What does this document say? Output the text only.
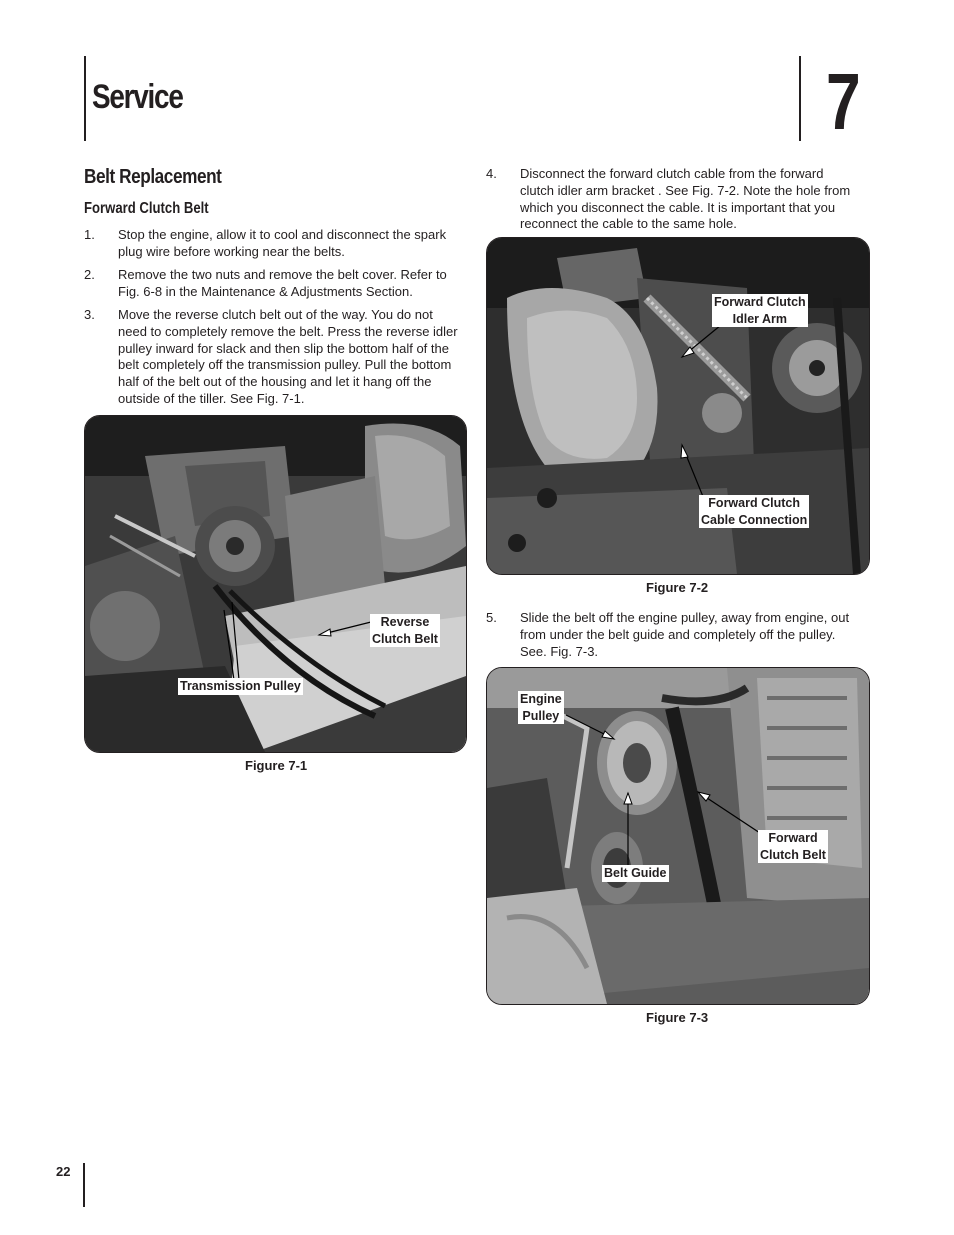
Service	7
Belt Replacement
Forward Clutch Belt
1. Stop the engine, allow it to cool and disconnect the spark
plug wire before working near the belts.
2. Remove the two nuts and remove the belt cover. Refer to
Fig. 6-8 in the Maintenance & Adjustments Section.
3. Move the reverse clutch belt out of the way. You do not
need to completely remove the belt. Press the reverse idler
pulley inward for slack and then slip the bottom half of the
belt completely off the transmission pulley. Pull the bottom
half of the belt out of the housing and let it hang off the
outside of the tiller. See Fig. 7-1.
4. Disconnect the forward clutch cable from the forward
clutch idler arm bracket . See Fig. 7-2. Note the hole from
which you disconnect the cable. It is important that you
reconnect the cable to the same hole.
5. Slide the belt off the engine pulley, away from engine, out
from under the belt guide and completely off the pulley.
See. Fig. 7-3.
Reverse
Clutch Belt
Transmission Pulley
Figure 7-1
Forward Clutch
Idler Arm
Forward Clutch
Cable Connection
Figure 7-2
Engine
Pulley
Forward
Clutch Belt
Belt Guide
Figure 7-3
22
